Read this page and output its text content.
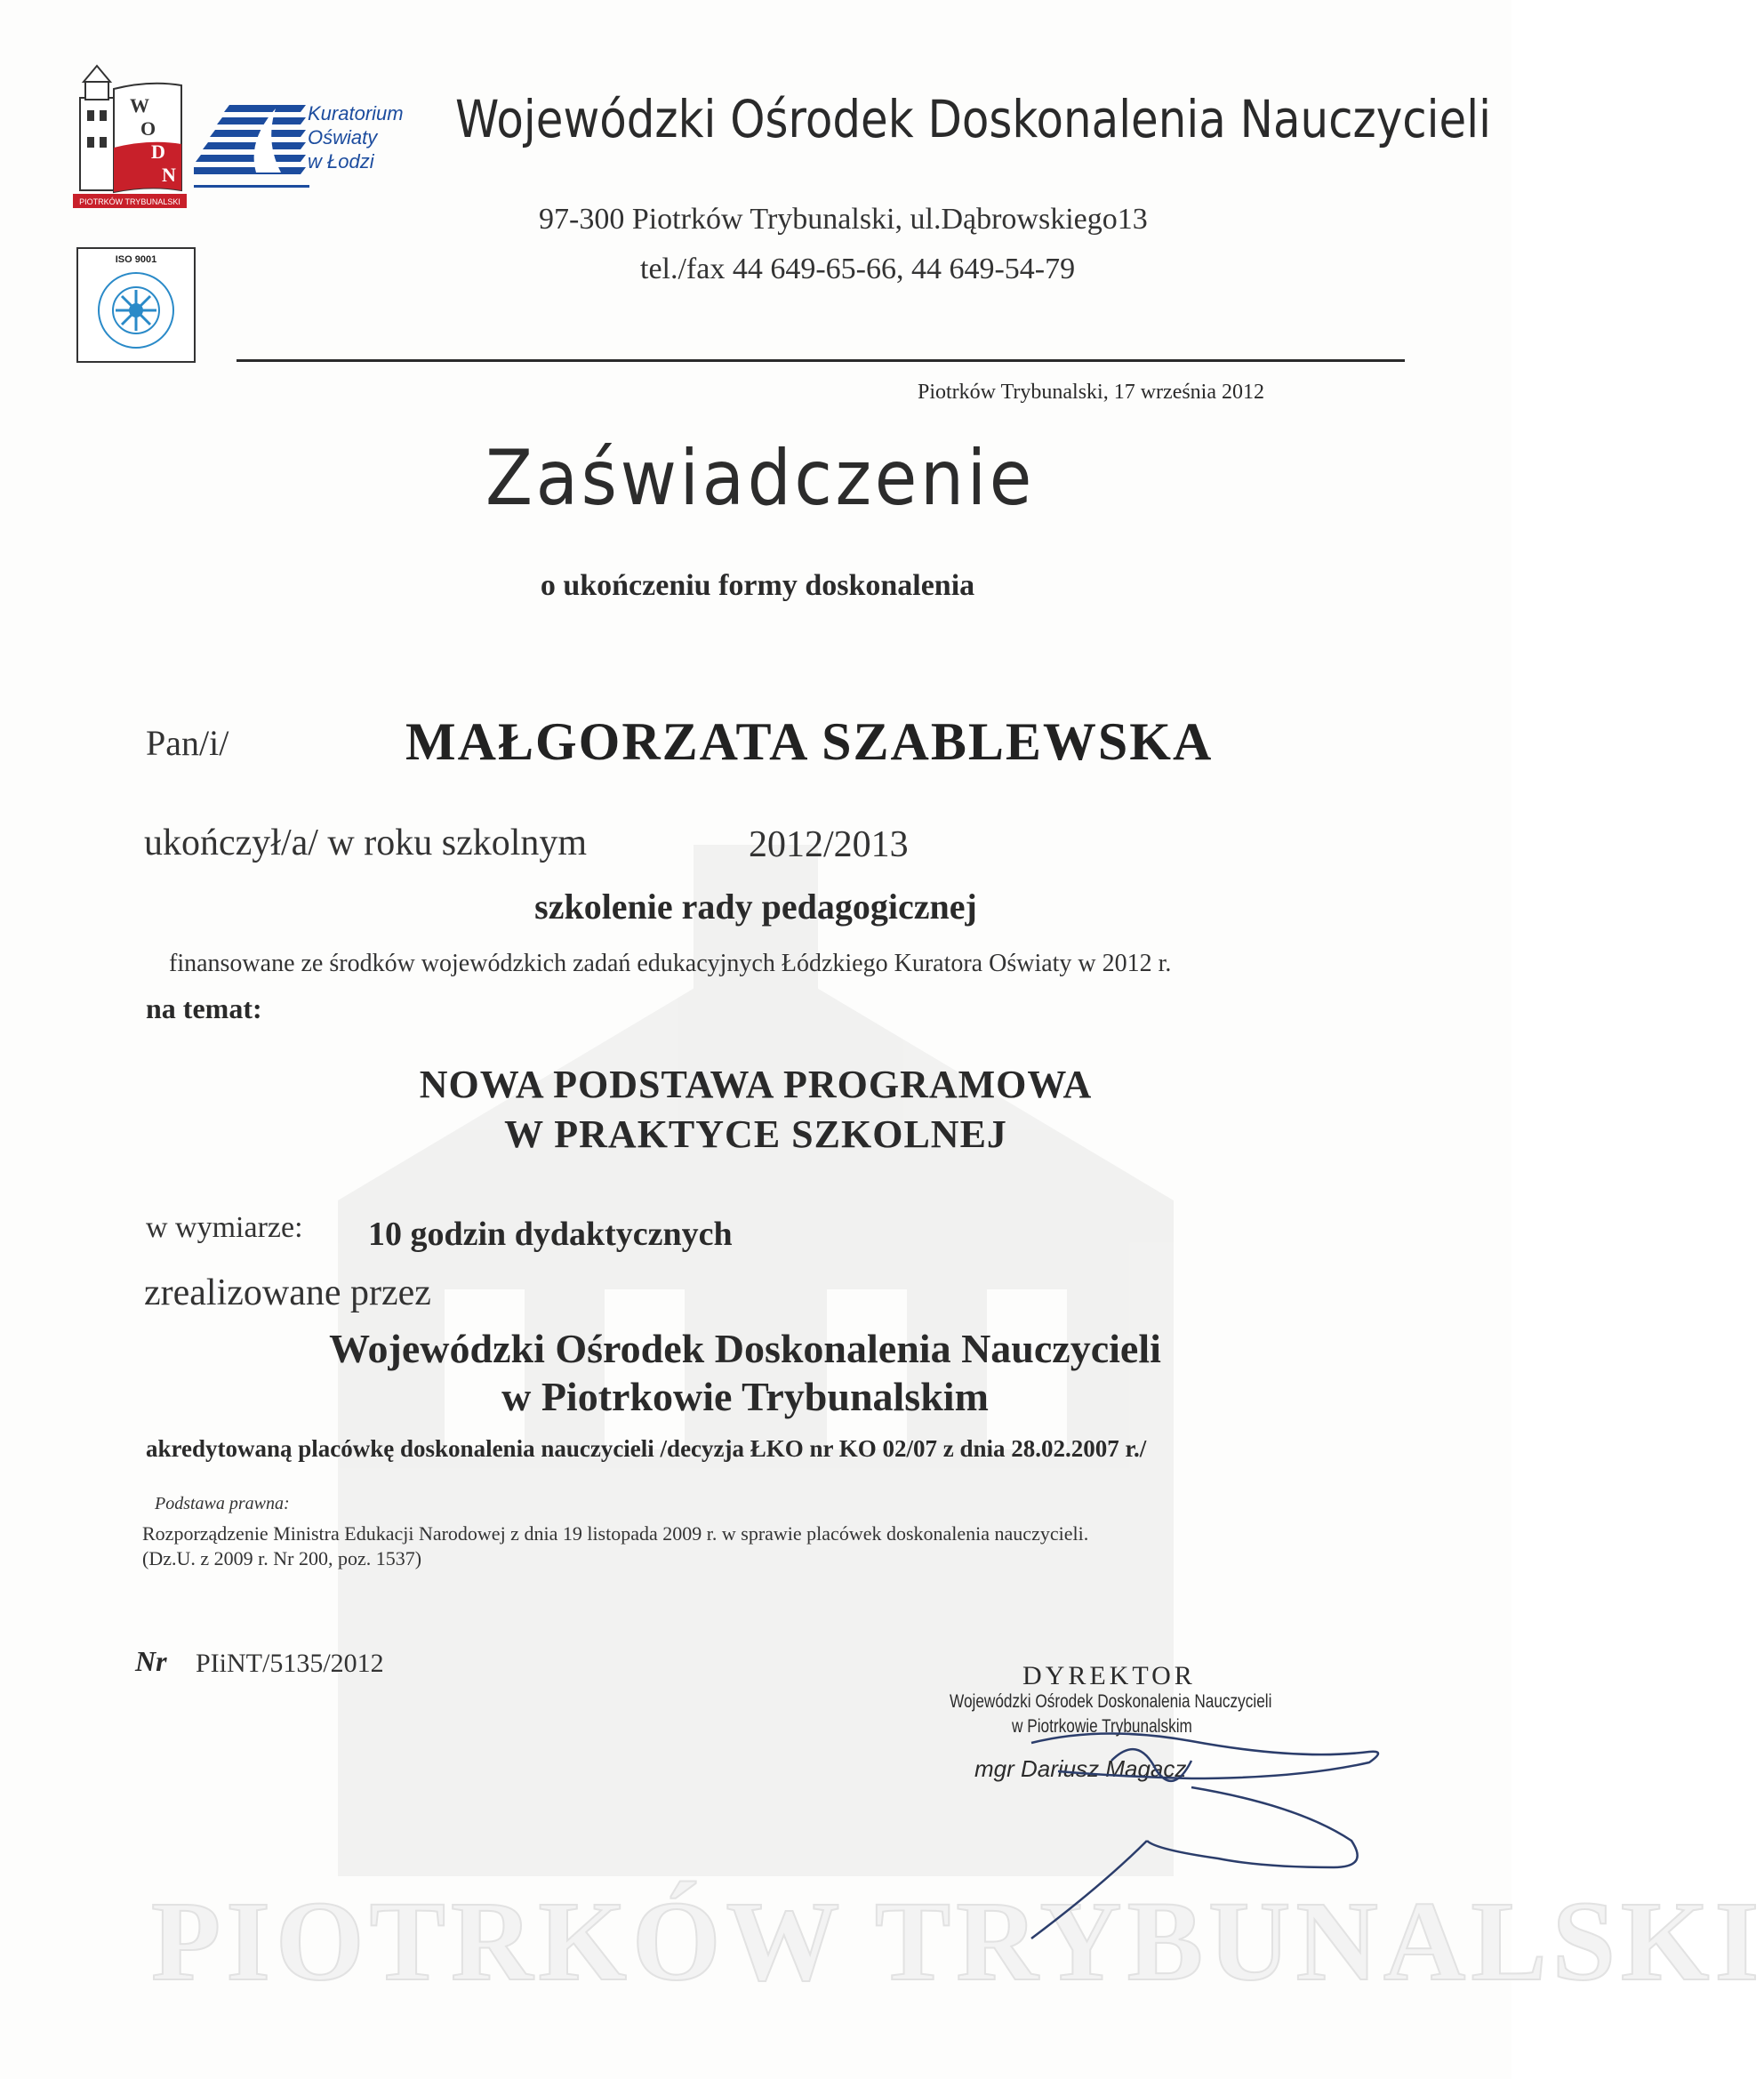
PIOTRKÓW TRYBUNALSKI
W
O
D
N
PIOTRKÓW TRYBUNALSKI
Kuratorium
Oświaty
w Łodzi
ISO 9001
Wojewódzki Ośrodek Doskonalenia Nauczycieli
97-300 Piotrków Trybunalski, ul.Dąbrowskiego13
tel./fax 44 649-65-66, 44 649-54-79
Piotrków Trybunalski, 17 września 2012
Zaświadczenie
o ukończeniu formy doskonalenia
Pan/i/	MAŁGORZATA SZABLEWSKA
ukończył/a/ w roku szkolnym	2012/2013
szkolenie rady pedagogicznej
finansowane ze środków wojewódzkich zadań edukacyjnych Łódzkiego Kuratora Oświaty w 2012 r.
na temat:
NOWA PODSTAWA PROGRAMOWA
W PRAKTYCE SZKOLNEJ
w wymiarze: 10 godzin dydaktycznych
zrealizowane przez
Wojewódzki Ośrodek Doskonalenia Nauczycieli
w Piotrkowie Trybunalskim
akredytowaną placówkę doskonalenia nauczycieli /decyzja ŁKO nr KO 02/07 z dnia 28.02.2007 r./
Podstawa prawna:
Rozporządzenie Ministra Edukacji Narodowej z dnia 19 listopada 2009 r. w sprawie placówek doskonalenia nauczycieli.
(Dz.U. z 2009 r. Nr 200, poz. 1537)
Nr PIiNT/5135/2012	DYREKTOR
Wojewódzki Ośrodek Doskonalenia Nauczycieli
w Piotrkowie Trybunalskim
mgr Dariusz Magacz
